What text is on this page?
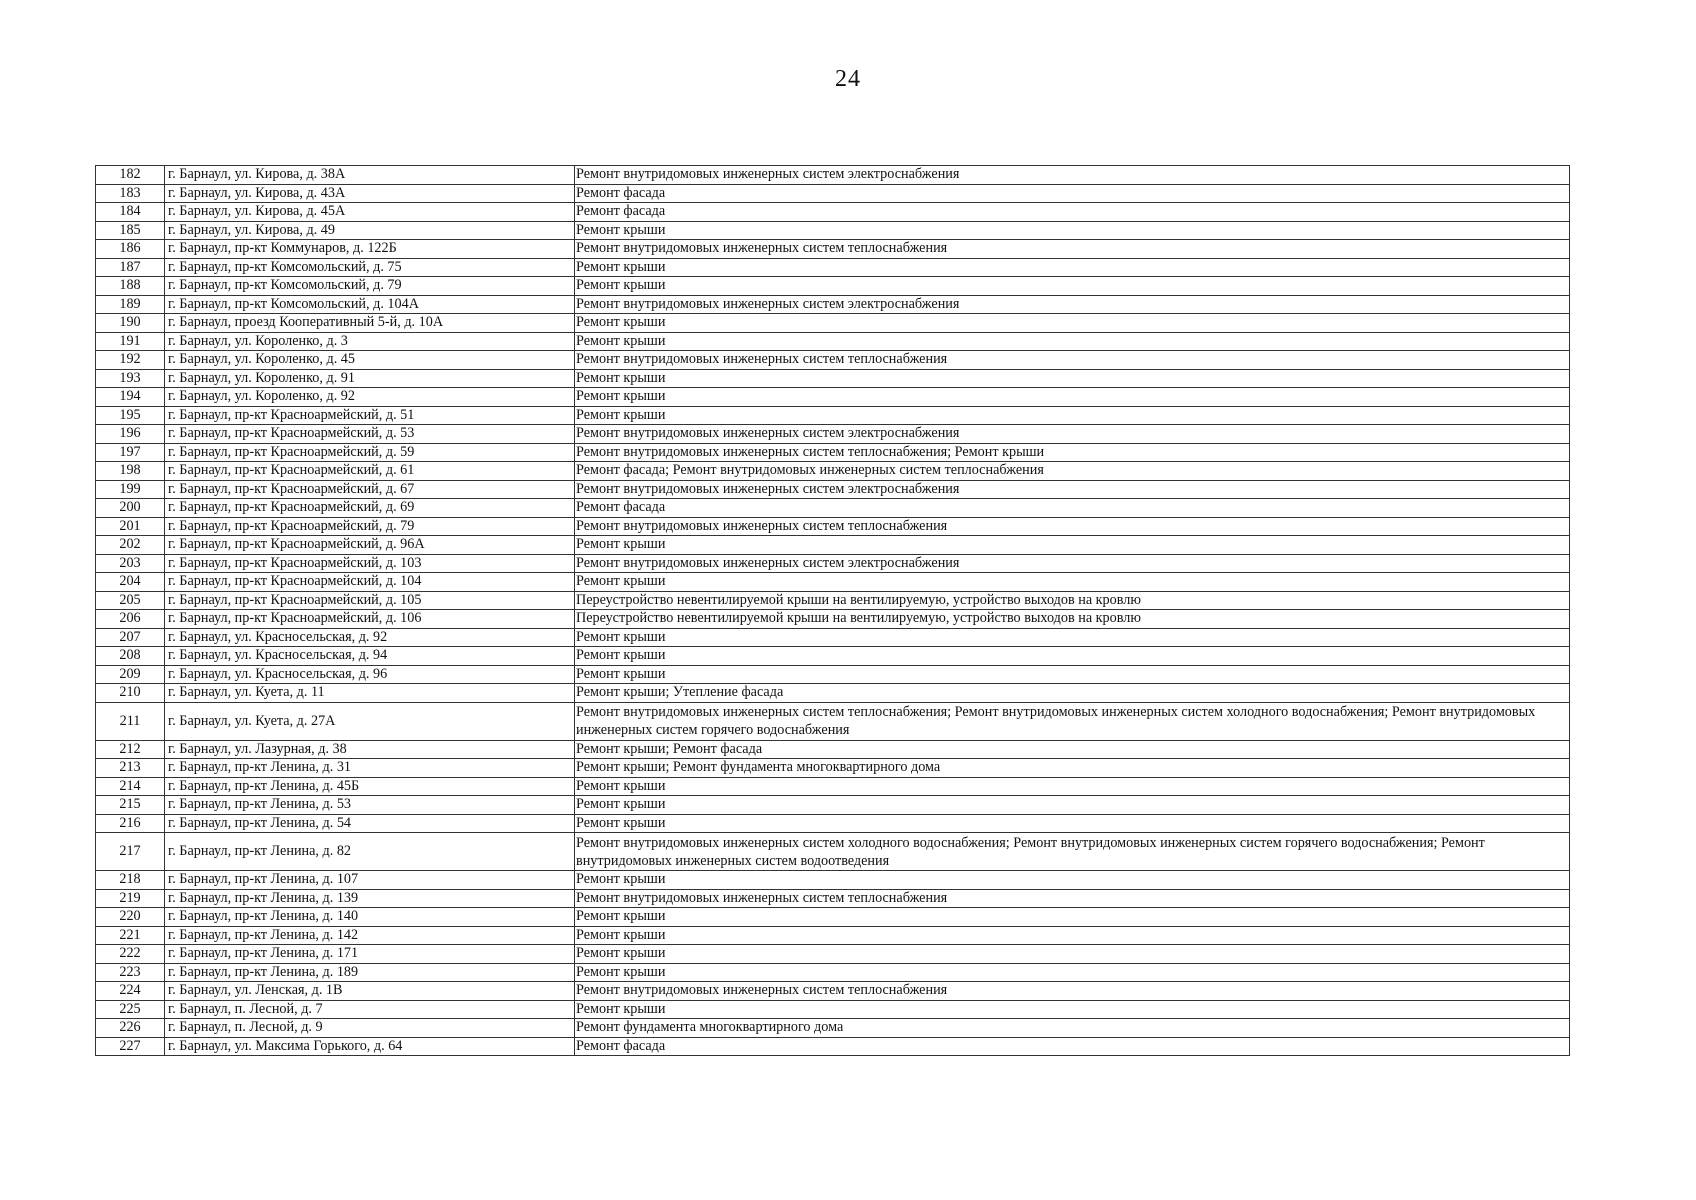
24
182	г. Барнаул, ул. Кирова, д. 38А	Ремонт внутридомовых инженерных систем электроснабжения
183	г. Барнаул, ул. Кирова, д. 43А	Ремонт фасада
184	г. Барнаул, ул. Кирова, д. 45А	Ремонт фасада
185	г. Барнаул, ул. Кирова, д. 49	Ремонт крыши
186	г. Барнаул, пр-кт Коммунаров, д. 122Б	Ремонт внутридомовых инженерных систем теплоснабжения
187	г. Барнаул, пр-кт Комсомольский, д. 75	Ремонт крыши
188	г. Барнаул, пр-кт Комсомольский, д. 79	Ремонт крыши
189	г. Барнаул, пр-кт Комсомольский, д. 104А	Ремонт внутридомовых инженерных систем электроснабжения
190	г. Барнаул, проезд Кооперативный 5-й, д. 10А	Ремонт крыши
191	г. Барнаул, ул. Короленко, д. 3	Ремонт крыши
192	г. Барнаул, ул. Короленко, д. 45	Ремонт внутридомовых инженерных систем теплоснабжения
193	г. Барнаул, ул. Короленко, д. 91	Ремонт крыши
194	г. Барнаул, ул. Короленко, д. 92	Ремонт крыши
195	г. Барнаул, пр-кт Красноармейский, д. 51	Ремонт крыши
196	г. Барнаул, пр-кт Красноармейский, д. 53	Ремонт внутридомовых инженерных систем электроснабжения
197	г. Барнаул, пр-кт Красноармейский, д. 59	Ремонт внутридомовых инженерных систем теплоснабжения; Ремонт крыши
198	г. Барнаул, пр-кт Красноармейский, д. 61	Ремонт фасада; Ремонт внутридомовых инженерных систем теплоснабжения
199	г. Барнаул, пр-кт Красноармейский, д. 67	Ремонт внутридомовых инженерных систем электроснабжения
200	г. Барнаул, пр-кт Красноармейский, д. 69	Ремонт фасада
201	г. Барнаул, пр-кт Красноармейский, д. 79	Ремонт внутридомовых инженерных систем теплоснабжения
202	г. Барнаул, пр-кт Красноармейский, д. 96А	Ремонт крыши
203	г. Барнаул, пр-кт Красноармейский, д. 103	Ремонт внутридомовых инженерных систем электроснабжения
204	г. Барнаул, пр-кт Красноармейский, д. 104	Ремонт крыши
205	г. Барнаул, пр-кт Красноармейский, д. 105	Переустройство невентилируемой крыши на вентилируемую, устройство выходов на кровлю
206	г. Барнаул, пр-кт Красноармейский, д. 106	Переустройство невентилируемой крыши на вентилируемую, устройство выходов на кровлю
207	г. Барнаул, ул. Красносельская, д. 92	Ремонт крыши
208	г. Барнаул, ул. Красносельская, д. 94	Ремонт крыши
209	г. Барнаул, ул. Красносельская, д. 96	Ремонт крыши
210	г. Барнаул, ул. Куета, д. 11	Ремонт крыши; Утепление фасада
211	г. Барнаул, ул. Куета, д. 27А	Ремонт внутридомовых инженерных систем теплоснабжения; Ремонт внутридомовых инженерных систем холодного водоснабжения; Ремонт внутридомовых инженерных систем горячего водоснабжения
212	г. Барнаул, ул. Лазурная, д. 38	Ремонт крыши; Ремонт фасада
213	г. Барнаул, пр-кт Ленина, д. 31	Ремонт крыши; Ремонт фундамента многоквартирного дома
214	г. Барнаул, пр-кт Ленина, д. 45Б	Ремонт крыши
215	г. Барнаул, пр-кт Ленина, д. 53	Ремонт крыши
216	г. Барнаул, пр-кт Ленина, д. 54	Ремонт крыши
217	г. Барнаул, пр-кт Ленина, д. 82	Ремонт внутридомовых инженерных систем холодного водоснабжения; Ремонт внутридомовых инженерных систем горячего водоснабжения; Ремонт внутридомовых инженерных систем водоотведения
218	г. Барнаул, пр-кт Ленина, д. 107	Ремонт крыши
219	г. Барнаул, пр-кт Ленина, д. 139	Ремонт внутридомовых инженерных систем теплоснабжения
220	г. Барнаул, пр-кт Ленина, д. 140	Ремонт крыши
221	г. Барнаул, пр-кт Ленина, д. 142	Ремонт крыши
222	г. Барнаул, пр-кт Ленина, д. 171	Ремонт крыши
223	г. Барнаул, пр-кт Ленина, д. 189	Ремонт крыши
224	г. Барнаул, ул. Ленская, д. 1В	Ремонт внутридомовых инженерных систем теплоснабжения
225	г. Барнаул, п. Лесной, д. 7	Ремонт крыши
226	г. Барнаул, п. Лесной, д. 9	Ремонт фундамента многоквартирного дома
227	г. Барнаул, ул. Максима Горького, д. 64	Ремонт фасада
